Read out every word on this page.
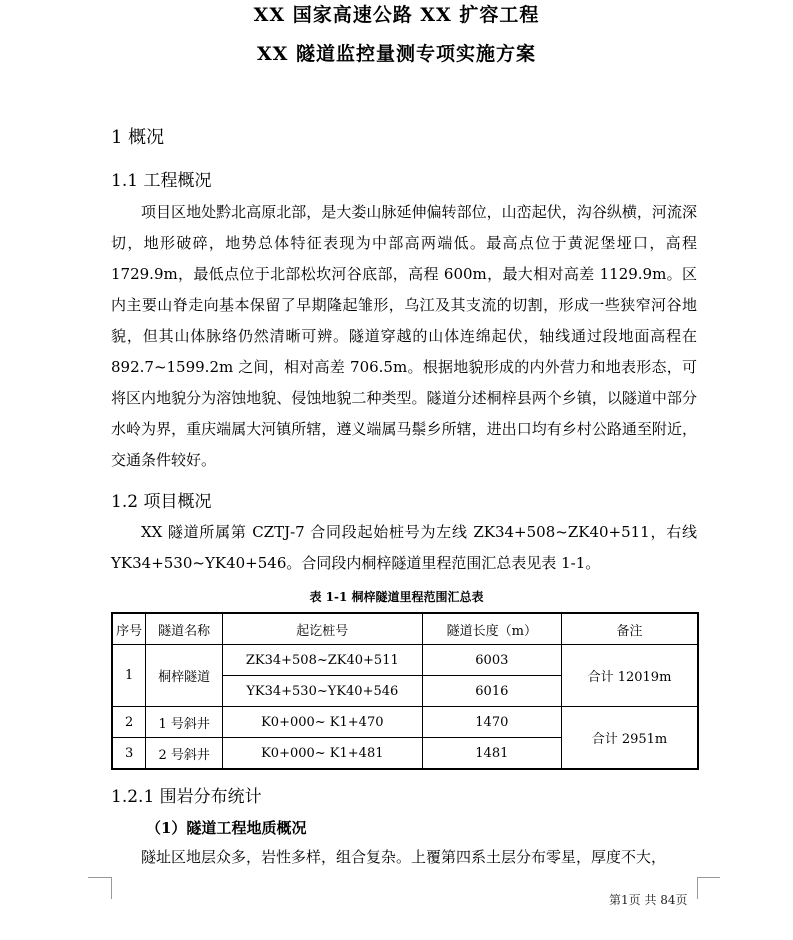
XX 国家高速公路 XX 扩容工程
XX 隧道监控量测专项实施方案
1 概况
1.1 工程概况

项目区地处黔北高原北部，是大娄山脉延伸偏转部位，山峦起伏，沟谷纵横，河流深切，地形破碎，地势总体特征表现为中部高两端低。最高点位于黄泥堡垭口，高程 1729.9m，最低点位于北部松坎河谷底部，高程 600m，最大相对高差 1129.9m。区内主要山脊走向基本保留了早期隆起雏形，乌江及其支流的切割，形成一些狭窄河谷地貌，但其山体脉络仍然清晰可辨。隧道穿越的山体连绵起伏，轴线通过段地面高程在 892.7~1599.2m 之间，相对高差 706.5m。根据地貌形成的内外营力和地表形态，可将区内地貌分为溶蚀地貌、侵蚀地貌二种类型。隧道分述桐梓县两个乡镇，以隧道中部分水岭为界，重庆端属大河镇所辖，遵义端属马鬃乡所辖，进出口均有乡村公路通至附近，交通条件较好。

1.2 项目概况

XX 隧道所属第 CZTJ-7 合同段起始桩号为左线 ZK34+508~ZK40+511，右线 YK34+530~YK40+546。合同段内桐梓隧道里程范围汇总表见表 1-1。

表 1-1 桐梓隧道里程范围汇总表
序号	隧道名称	起讫桩号	隧道长度（m）	备注
1	桐梓隧道	ZK34+508~ZK40+511	6003	合计 12019m
		YK34+530~YK40+546	6016	
2	1 号斜井	K0+000~ K1+470	1470	合计 2951m
3	2 号斜井	K0+000~ K1+481	1481	
1.2.1 围岩分布统计
（1）隧道工程地质概况

隧址区地层众多，岩性多样，组合复杂。上覆第四系土层分布零星，厚度不大，

第1页 共 84页
